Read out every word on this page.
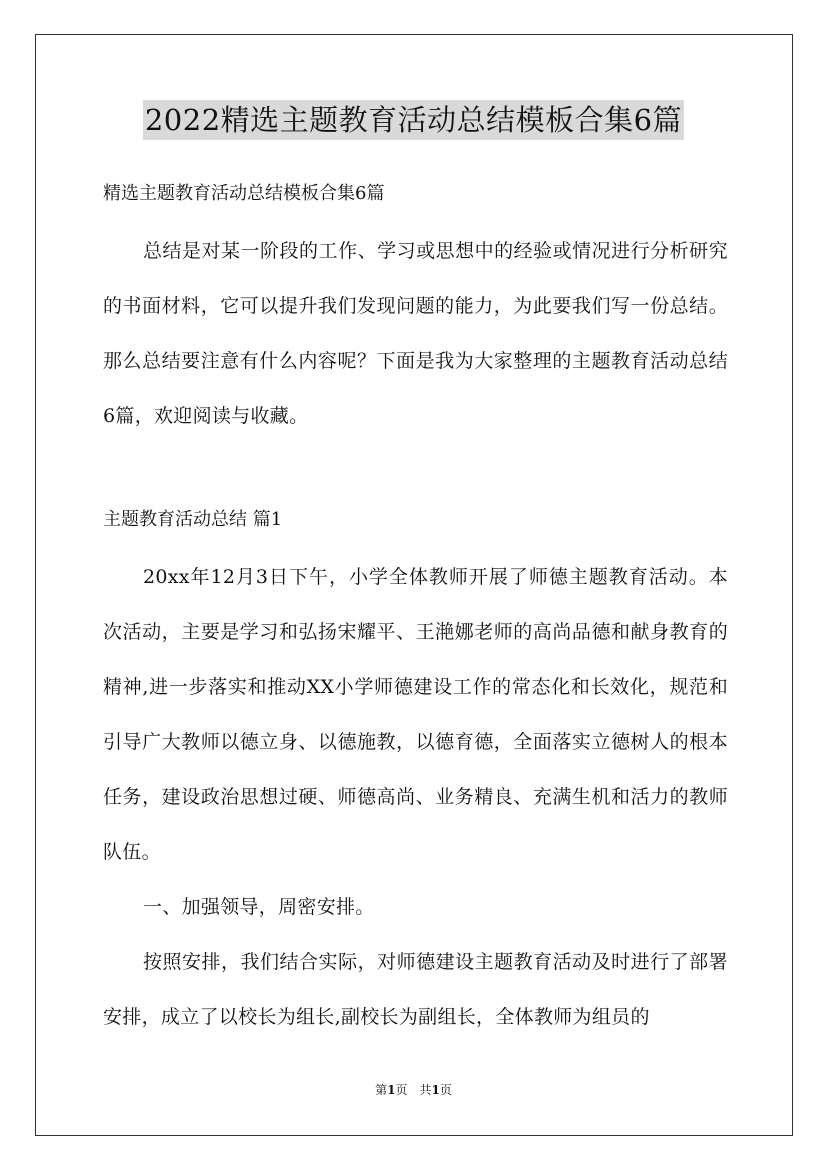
2022精选主题教育活动总结模板合集6篇

精选主题教育活动总结模板合集6篇

总结是对某一阶段的工作、学习或思想中的经验或情况进行分析研究的书面材料，它可以提升我们发现问题的能力，为此要我们写一份总结。那么总结要注意有什么内容呢？下面是我为大家整理的主题教育活动总结6篇，欢迎阅读与收藏。

主题教育活动总结 篇1

20xx年12月3日下午，小学全体教师开展了师德主题教育活动。本次活动，主要是学习和弘扬宋耀平、王滟娜老师的高尚品德和献身教育的精神,进一步落实和推动XX小学师德建设工作的常态化和长效化，规范和引导广大教师以德立身、以德施教，以德育德，全面落实立德树人的根本任务，建设政治思想过硬、师德高尚、业务精良、充满生机和活力的教师队伍。

一、加强领导，周密安排。

按照安排，我们结合实际，对师德建设主题教育活动及时进行了部署安排，成立了以校长为组长,副校长为副组长，全体教师为组员的

第1页　共1页
